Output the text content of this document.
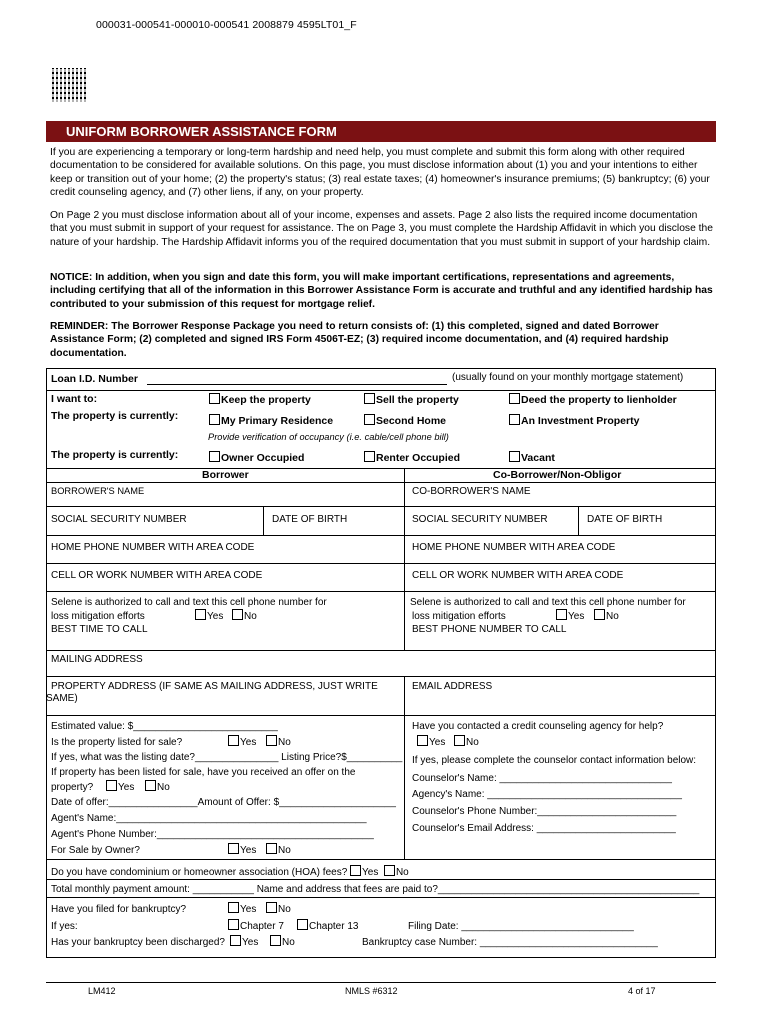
000031-000541-000010-000541 2008879 4595LT01_F
UNIFORM BORROWER ASSISTANCE FORM
If you are experiencing a temporary or long-term hardship and need help, you must complete and submit this form along with other required documentation to be considered for available solutions. On this page, you must disclose information about (1) you and your intentions to either keep or transition out of your home; (2) the property's status; (3) real estate taxes; (4) homeowner's insurance premiums; (5) bankruptcy; (6) your credit counseling agency, and (7) other liens, if any, on your property.
On Page 2 you must disclose information about all of your income, expenses and assets. Page 2 also lists the required income documentation that you must submit in support of your request for assistance. The on Page 3, you must complete the Hardship Affidavit in which you disclose the nature of your hardship. The Hardship Affidavit informs you of the required documentation that you must submit in support of your hardship claim.
NOTICE: In addition, when you sign and date this form, you will make important certifications, representations and agreements, including certifying that all of the information in this Borrower Assistance Form is accurate and truthful and any identified hardship has contributed to your submission of this request for mortgage relief.
REMINDER: The Borrower Response Package you need to return consists of: (1) this completed, signed and dated Borrower Assistance Form; (2) completed and signed IRS Form 4506T-EZ; (3) required income documentation, and (4) required hardship documentation.
Loan I.D. Number	(usually found on your monthly mortgage statement)
I want to:	Keep the property	Sell the property	Deed the property to lienholder
The property is currently:	My Primary Residence	Second Home	An Investment Property
Provide verification of occupancy (i.e. cable/cell phone bill)
The property is currently:	Owner Occupied	Renter Occupied	Vacant
Borrower	Co-Borrower/Non-Obligor
BORROWER'S NAME	CO-BORROWER'S NAME
SOCIAL SECURITY NUMBER	DATE OF BIRTH	SOCIAL SECURITY NUMBER	DATE OF BIRTH
HOME PHONE NUMBER WITH AREA CODE	HOME PHONE NUMBER WITH AREA CODE
CELL OR WORK NUMBER WITH AREA CODE	CELL OR WORK NUMBER WITH AREA CODE
Selene is authorized to call and text this cell phone number for
loss mitigation efforts	Yes	No
BEST TIME TO CALL
Selene is authorized to call and text this cell phone number for
loss mitigation efforts	Yes	No
BEST PHONE NUMBER TO CALL
MAILING ADDRESS
PROPERTY ADDRESS (IF SAME AS MAILING ADDRESS, JUST WRITE
SAME)
EMAIL ADDRESS
Estimated value: $__________________________
Is the property listed for sale?	Yes	No
If yes, what was the listing date?_______________ Listing Price?$__________
If property has been listed for sale, have you received an offer on the
property?	Yes	No
Date of offer:________________Amount of Offer: $_____________________
Agent's Name:_____________________________________________
Agent's Phone Number:_______________________________________
For Sale by Owner?	Yes	No
Have you contacted a credit counseling agency for help?
Yes	No
If yes, please complete the counselor contact information below:
Counselor's Name: _______________________________
Agency's Name: ___________________________________
Counselor's Phone Number:_________________________
Counselor's Email Address: _________________________
Do you have condominium or homeowner association (HOA) fees? Yes No
Total monthly payment amount: ___________ Name and address that fees are paid to?_______________________________________________
Have you filed for bankruptcy?	Yes	No
If yes:	Chapter 7	Chapter 13	Filing Date: _______________________________
Has your bankruptcy been discharged?	Yes	No	Bankruptcy case Number: ________________________________
LM412	NMLS #6312	4 of 17
